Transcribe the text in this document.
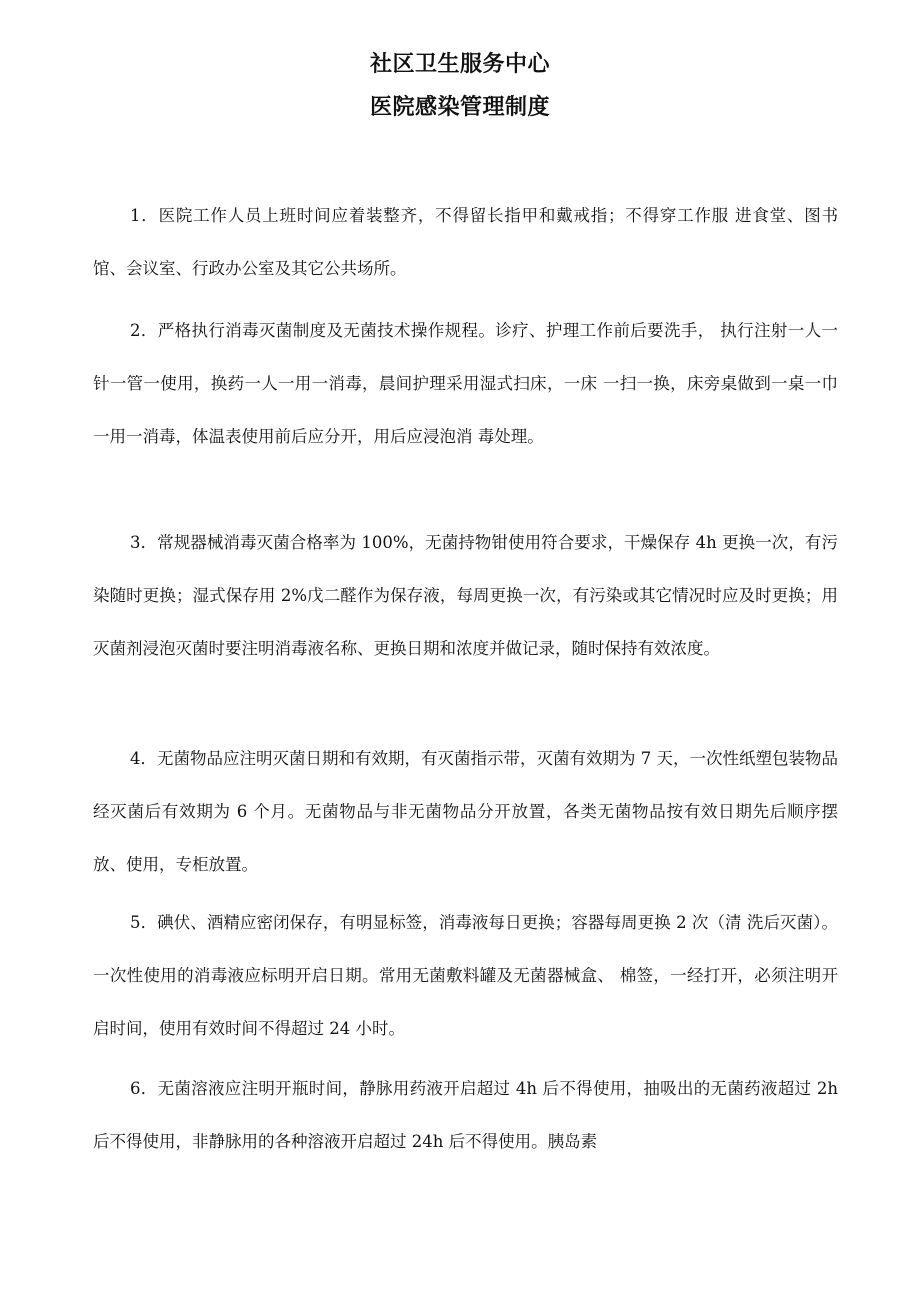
社区卫生服务中心
医院感染管理制度

1．医院工作人员上班时间应着装整齐，不得留长指甲和戴戒指；不得穿工作服 进食堂、图书馆、会议室、行政办公室及其它公共场所。

2．严格执行消毒灭菌制度及无菌技术操作规程。诊疗、护理工作前后要洗手， 执行注射一人一针一管一使用，换药一人一用一消毒，晨间护理采用湿式扫床，一床 一扫一换，床旁桌做到一桌一巾一用一消毒，体温表使用前后应分开，用后应浸泡消 毒处理。

3．常规器械消毒灭菌合格率为 100%，无菌持物钳使用符合要求，干燥保存 4h 更换一次，有污染随时更换；湿式保存用 2%戊二醛作为保存液，每周更换一次，有污染或其它情况时应及时更换；用灭菌剂浸泡灭菌时要注明消毒液名称、更换日期和浓度并做记录，随时保持有效浓度。

4．无菌物品应注明灭菌日期和有效期，有灭菌指示带，灭菌有效期为 7 天，一次性纸塑包装物品经灭菌后有效期为 6 个月。无菌物品与非无菌物品分开放置，各类无菌物品按有效日期先后顺序摆放、使用，专柜放置。

5．碘伏、酒精应密闭保存，有明显标签，消毒液每日更换；容器每周更换 2 次（清 洗后灭菌）。一次性使用的消毒液应标明开启日期。常用无菌敷料罐及无菌器械盒、 棉签，一经打开，必须注明开启时间，使用有效时间不得超过 24 小时。

6．无菌溶液应注明开瓶时间，静脉用药液开启超过 4h 后不得使用，抽吸出的无菌药液超过 2h 后不得使用，非静脉用的各种溶液开启超过 24h 后不得使用。胰岛素
